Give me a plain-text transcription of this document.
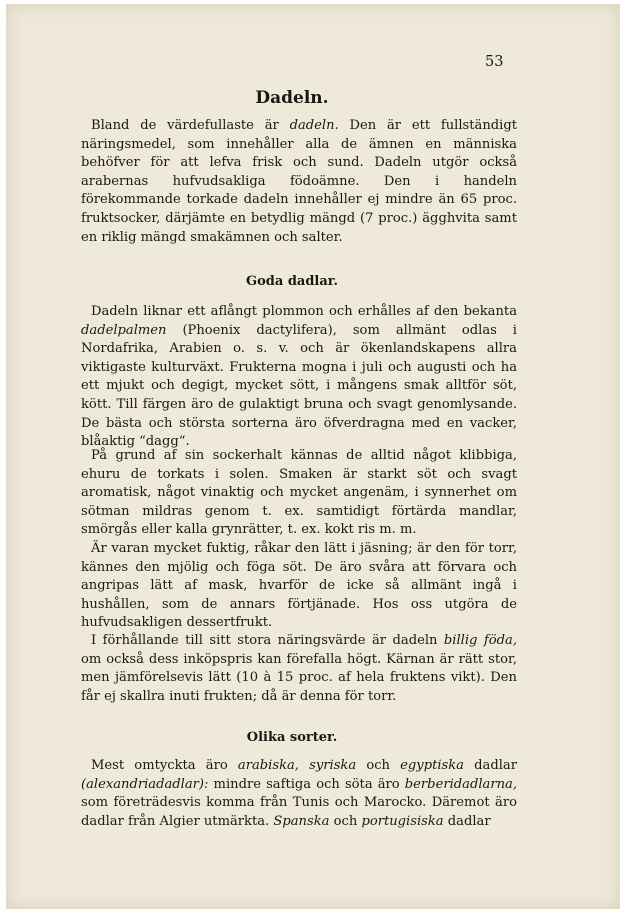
53
Dadeln.

Bland de värdefullaste är dadeln. Den är ett fullständigt näringsmedel, som innehåller alla de ämnen en människa behöfver för att lefva frisk och sund. Dadeln utgör också arabernas hufvudsakliga födoämne. Den i handeln förekommande torkade dadeln innehåller ej mindre än 65 proc. fruktsocker, därjämte en betydlig mängd (7 proc.) ägghvita samt en riklig mängd smakämnen och salter.

Goda dadlar.

Dadeln liknar ett aflångt plommon och erhålles af den bekanta dadelpalmen (Phoenix dactylifera), som allmänt odlas i Nordafrika, Arabien o. s. v. och är ökenlandskapens allra viktigaste kulturväxt. Frukterna mogna i juli och augusti och ha ett mjukt och degigt, mycket sött, i mångens smak alltför söt, kött. Till färgen äro de gulaktigt bruna och svagt genomlysande. De bästa och största sorterna äro öfverdragna med en vacker, blåaktig “dagg“.

På grund af sin sockerhalt kännas de alltid något klibbiga, ehuru de torkats i solen. Smaken är starkt söt och svagt aromatisk, något vinaktig och mycket angenäm, i synnerhet om sötman mildras genom t. ex. samtidigt förtärda mandlar, smörgås eller kalla grynrätter, t. ex. kokt ris m. m.

Är varan mycket fuktig, råkar den lätt i jäsning; är den för torr, kännes den mjölig och föga söt. De äro svåra att förvara och angripas lätt af mask, hvarför de icke så allmänt ingå i hushållen, som de annars förtjänade. Hos oss utgöra de hufvudsakligen dessertfrukt.

I förhållande till sitt stora näringsvärde är dadeln billig föda, om också dess inköpspris kan förefalla högt. Kärnan är rätt stor, men jämförelsevis lätt (10 à 15 proc. af hela fruktens vikt). Den får ej skallra inuti frukten; då är denna för torr.

Olika sorter.

Mest omtyckta äro arabiska, syriska och egyptiska dadlar (alexandriadadlar): mindre saftiga och söta äro berberidadlarna, som företrädesvis komma från Tunis och Marocko. Däremot äro dadlar från Algier utmärkta. Spanska och portugisiska dadlar
